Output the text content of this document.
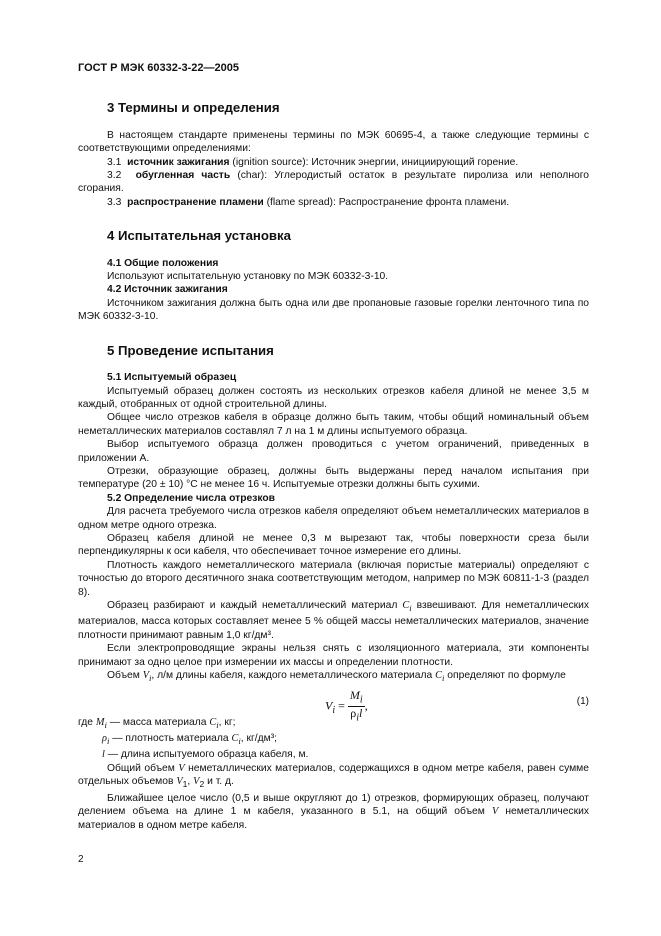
ГОСТ Р МЭК 60332-3-22—2005
3 Термины и определения

В настоящем стандарте применены термины по МЭК 60695-4, а также следующие термины с соответствующими определениями:

3.1 источник зажигания (ignition source): Источник энергии, инициирующий горение.

3.2 обугленная часть (char): Углеродистый остаток в результате пиролиза или неполного сгорания.

3.3 распространение пламени (flame spread): Распространение фронта пламени.

4 Испытательная установка
4.1 Общие положения

Используют испытательную установку по МЭК 60332-3-10.

4.2 Источник зажигания

Источником зажигания должна быть одна или две пропановые газовые горелки ленточного типа по МЭК 60332-3-10.

5 Проведение испытания
5.1 Испытуемый образец

Испытуемый образец должен состоять из нескольких отрезков кабеля длиной не менее 3,5 м каждый, отобранных от одной строительной длины.

Общее число отрезков кабеля в образце должно быть таким, чтобы общий номинальный объем неметаллических материалов составлял 7 л на 1 м длины испытуемого образца.

Выбор испытуемого образца должен проводиться с учетом ограничений, приведенных в приложении А.

Отрезки, образующие образец, должны быть выдержаны перед началом испытания при температуре (20 ± 10) °С не менее 16 ч. Испытуемые отрезки должны быть сухими.

5.2 Определение числа отрезков

Для расчета требуемого числа отрезков кабеля определяют объем неметаллических материалов в одном метре одного отрезка.

Образец кабеля длиной не менее 0,3 м вырезают так, чтобы поверхности среза были перпендикулярны к оси кабеля, что обеспечивает точное измерение его длины.

Плотность каждого неметаллического материала (включая пористые материалы) определяют с точностью до второго десятичного знака соответствующим методом, например по МЭК 60811-1-3 (раздел 8).

Образец разбирают и каждый неметаллический материал $C_i$ взвешивают. Для неметаллических материалов, масса которых составляет менее 5 % общей массы неметаллических материалов, значение плотности принимают равным 1,0 кг/дм³.

Если электропроводящие экраны нельзя снять с изоляционного материала, эти компоненты принимают за одно целое при измерении их массы и определении плотности.

Объем $V_i$, л/м длины кабеля, каждого неметаллического материала $C_i$ определяют по формуле

$V_i = \frac{M_i}{\rho_il}$ ,	(1)
где $M_i$ — масса материала $C_i$, кг;
$\rho_i$ — плотность материала $C_i$, кг/дм³;
l — длина испытуемого образца кабеля, м.

Общий объем V неметаллических материалов, содержащихся в одном метре кабеля, равен сумме отдельных объемов $V_1$, $V_2$ и т. д.

Ближайшее целое число (0,5 и выше округляют до 1) отрезков, формирующих образец, получают делением объема на длине 1 м кабеля, указанного в 5.1, на общий объем V неметаллических материалов в одном метре кабеля.

2
